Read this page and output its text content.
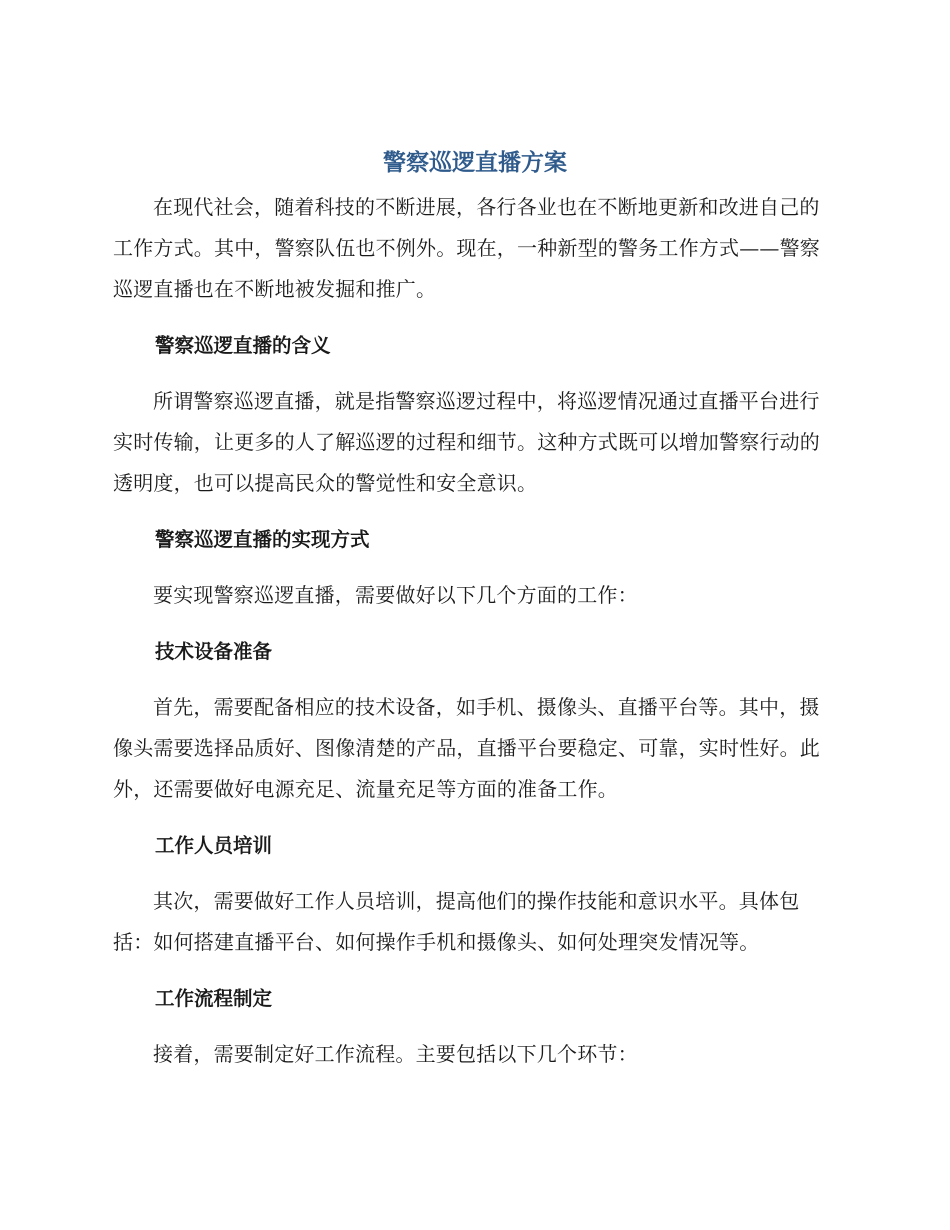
警察巡逻直播方案

在现代社会，随着科技的不断进展，各行各业也在不断地更新和改进自己的工作方式。其中，警察队伍也不例外。现在，一种新型的警务工作方式——警察巡逻直播也在不断地被发掘和推广。

警察巡逻直播的含义

所谓警察巡逻直播，就是指警察巡逻过程中，将巡逻情况通过直播平台进行实时传输，让更多的人了解巡逻的过程和细节。这种方式既可以增加警察行动的透明度，也可以提高民众的警觉性和安全意识。

警察巡逻直播的实现方式

要实现警察巡逻直播，需要做好以下几个方面的工作：

技术设备准备

首先，需要配备相应的技术设备，如手机、摄像头、直播平台等。其中，摄像头需要选择品质好、图像清楚的产品，直播平台要稳定、可靠，实时性好。此外，还需要做好电源充足、流量充足等方面的准备工作。

工作人员培训

其次，需要做好工作人员培训，提高他们的操作技能和意识水平。具体包括：如何搭建直播平台、如何操作手机和摄像头、如何处理突发情况等。

工作流程制定

接着，需要制定好工作流程。主要包括以下几个环节：
